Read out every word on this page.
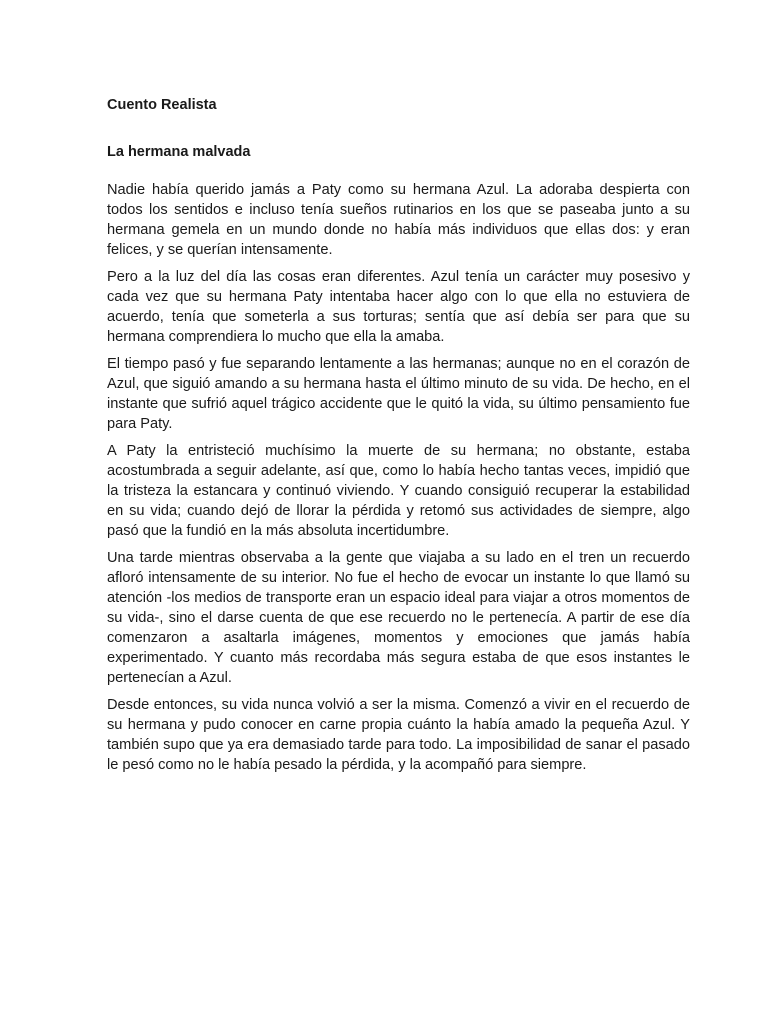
Cuento Realista
La hermana malvada

Nadie había querido jamás a Paty como su hermana Azul. La adoraba despierta con todos los sentidos e incluso tenía sueños rutinarios en los que se paseaba junto a su hermana gemela en un mundo donde no había más individuos que ellas dos: y eran felices, y se querían intensamente.

Pero a la luz del día las cosas eran diferentes. Azul tenía un carácter muy posesivo y cada vez que su hermana Paty intentaba hacer algo con lo que ella no estuviera de acuerdo, tenía que someterla a sus torturas; sentía que así debía ser para que su hermana comprendiera lo mucho que ella la amaba.

El tiempo pasó y fue separando lentamente a las hermanas; aunque no en el corazón de Azul, que siguió amando a su hermana hasta el último minuto de su vida. De hecho, en el instante que sufrió aquel trágico accidente que le quitó la vida, su último pensamiento fue para Paty.

A Paty la entristeció muchísimo la muerte de su hermana; no obstante, estaba acostumbrada a seguir adelante, así que, como lo había hecho tantas veces, impidió que la tristeza la estancara y continuó viviendo. Y cuando consiguió recuperar la estabilidad en su vida; cuando dejó de llorar la pérdida y retomó sus actividades de siempre, algo pasó que la fundió en la más absoluta incertidumbre.

Una tarde mientras observaba a la gente que viajaba a su lado en el tren un recuerdo afloró intensamente de su interior. No fue el hecho de evocar un instante lo que llamó su atención -los medios de transporte eran un espacio ideal para viajar a otros momentos de su vida-, sino el darse cuenta de que ese recuerdo no le pertenecía. A partir de ese día comenzaron a asaltarla imágenes, momentos y emociones que jamás había experimentado. Y cuanto más recordaba más segura estaba de que esos instantes le pertenecían a Azul.

Desde entonces, su vida nunca volvió a ser la misma. Comenzó a vivir en el recuerdo de su hermana y pudo conocer en carne propia cuánto la había amado la pequeña Azul. Y también supo que ya era demasiado tarde para todo. La imposibilidad de sanar el pasado le pesó como no le había pesado la pérdida, y la acompañó para siempre.
